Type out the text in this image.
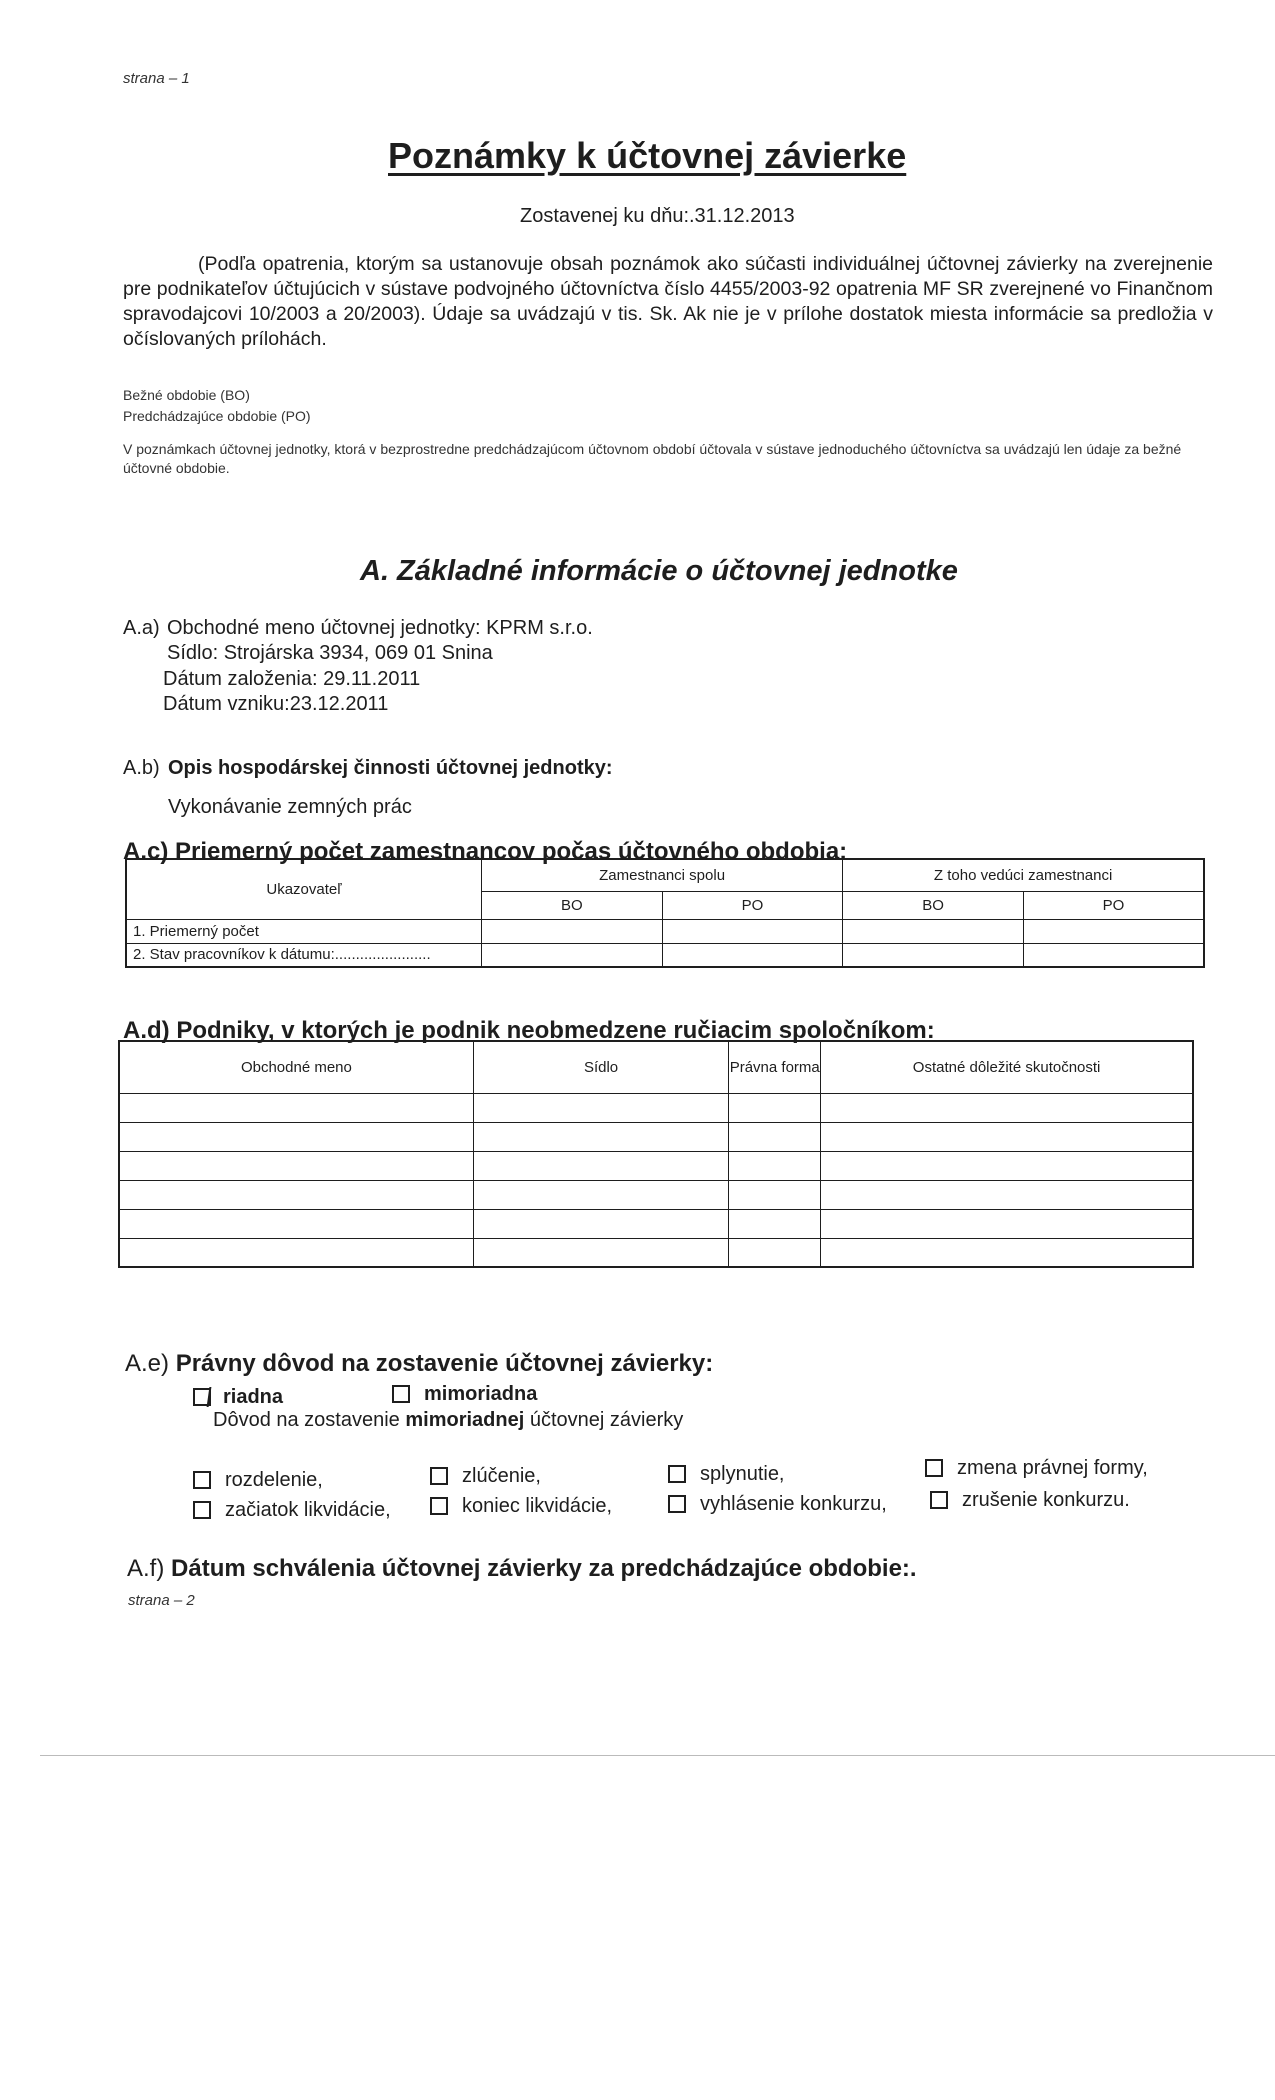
strana – 1
Poznámky k účtovnej závierke
Zostavenej ku dňu:.31.12.2013
(Podľa opatrenia, ktorým sa ustanovuje obsah poznámok ako súčasti individuálnej účtovnej závierky na zverejnenie pre podnikateľov účtujúcich v sústave podvojného účtovníctva číslo 4455/2003-92 opatrenia MF SR zverejnené vo Finančnom spravodajcovi 10/2003 a 20/2003). Údaje sa uvádzajú v tis. Sk. Ak nie je v prílohe dostatok miesta informácie sa predložia v očíslovaných prílohách.
Bežné obdobie (BO)
Predchádzajúce obdobie (PO)
V poznámkach účtovnej jednotky, ktorá v bezprostredne predchádzajúcom účtovnom období účtovala v sústave jednoduchého účtovníctva sa uvádzajú len údaje za bežné účtovné obdobie.
A. Základné informácie o účtovnej jednotke
A.a) Obchodné meno účtovnej jednotky: KPRM s.r.o.
Sídlo: Strojárska 3934, 069 01 Snina
Dátum založenia: 29.11.2011
Dátum vzniku:23.12.2011
A.b) Opis hospodárskej činnosti účtovnej jednotky:
Vykonávanie zemných prác
A.c) Priemerný počet zamestnancov počas účtovného obdobia:
Ukazovateľ	Zamestnanci spolu		Z toho vedúci zamestnanci	
	BO	PO	BO	PO
1. Priemerný počet				
2. Stav pracovníkov k dátumu:.......................				
A.d) Podniky, v ktorých je podnik neobmedzene ručiacim spoločníkom:
Obchodné meno	Sídlo	Právna forma	Ostatné dôležité skutočnosti

A.e) Právny dôvod na zostavenie účtovnej závierky:
riadna	mimoriadna
Dôvod na zostavenie mimoriadnej účtovnej závierky
rozdelenie,	zlúčenie,	splynutie,	zmena právnej formy,
začiatok likvidácie,	koniec likvidácie,	vyhlásenie konkurzu,	zrušenie konkurzu.
A.f) Dátum schválenia účtovnej závierky za predchádzajúce obdobie:.
strana – 2
